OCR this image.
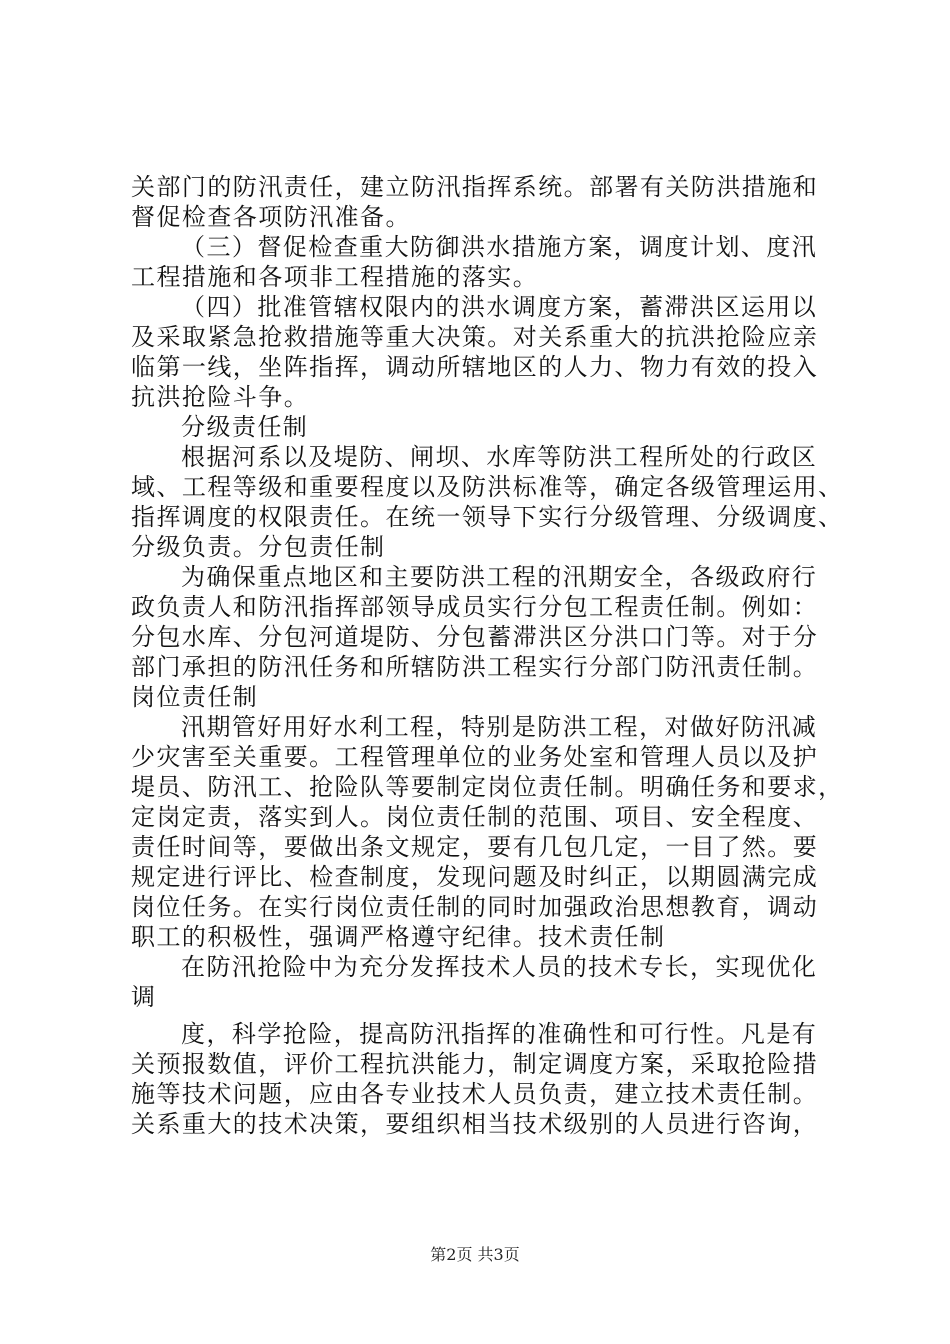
关部门的防汛责任，建立防汛指挥系统。部署有关防洪措施和
督促检查各项防汛准备。
（三）督促检查重大防御洪水措施方案，调度计划、度汛
工程措施和各项非工程措施的落实。
（四）批准管辖权限内的洪水调度方案，蓄滞洪区运用以
及采取紧急抢救措施等重大决策。对关系重大的抗洪抢险应亲
临第一线，坐阵指挥，调动所辖地区的人力、物力有效的投入
抗洪抢险斗争。
分级责任制
根据河系以及堤防、闸坝、水库等防洪工程所处的行政区
域、工程等级和重要程度以及防洪标准等，确定各级管理运用、
指挥调度的权限责任。在统一领导下实行分级管理、分级调度、
分级负责。分包责任制
为确保重点地区和主要防洪工程的汛期安全，各级政府行
政负责人和防汛指挥部领导成员实行分包工程责任制。例如：
分包水库、分包河道堤防、分包蓄滞洪区分洪口门等。对于分
部门承担的防汛任务和所辖防洪工程实行分部门防汛责任制。
岗位责任制
汛期管好用好水利工程，特别是防洪工程，对做好防汛减
少灾害至关重要。工程管理单位的业务处室和管理人员以及护
堤员、防汛工、抢险队等要制定岗位责任制。明确任务和要求，
定岗定责，落实到人。岗位责任制的范围、项目、安全程度、
责任时间等，要做出条文规定，要有几包几定，一目了然。要
规定进行评比、检查制度，发现问题及时纠正，以期圆满完成
岗位任务。在实行岗位责任制的同时加强政治思想教育，调动
职工的积极性，强调严格遵守纪律。技术责任制
在防汛抢险中为充分发挥技术人员的技术专长，实现优化
调
度，科学抢险，提高防汛指挥的准确性和可行性。凡是有
关预报数值，评价工程抗洪能力，制定调度方案，采取抢险措
施等技术问题，应由各专业技术人员负责，建立技术责任制。
关系重大的技术决策，要组织相当技术级别的人员进行咨询，
第2页 共3页
